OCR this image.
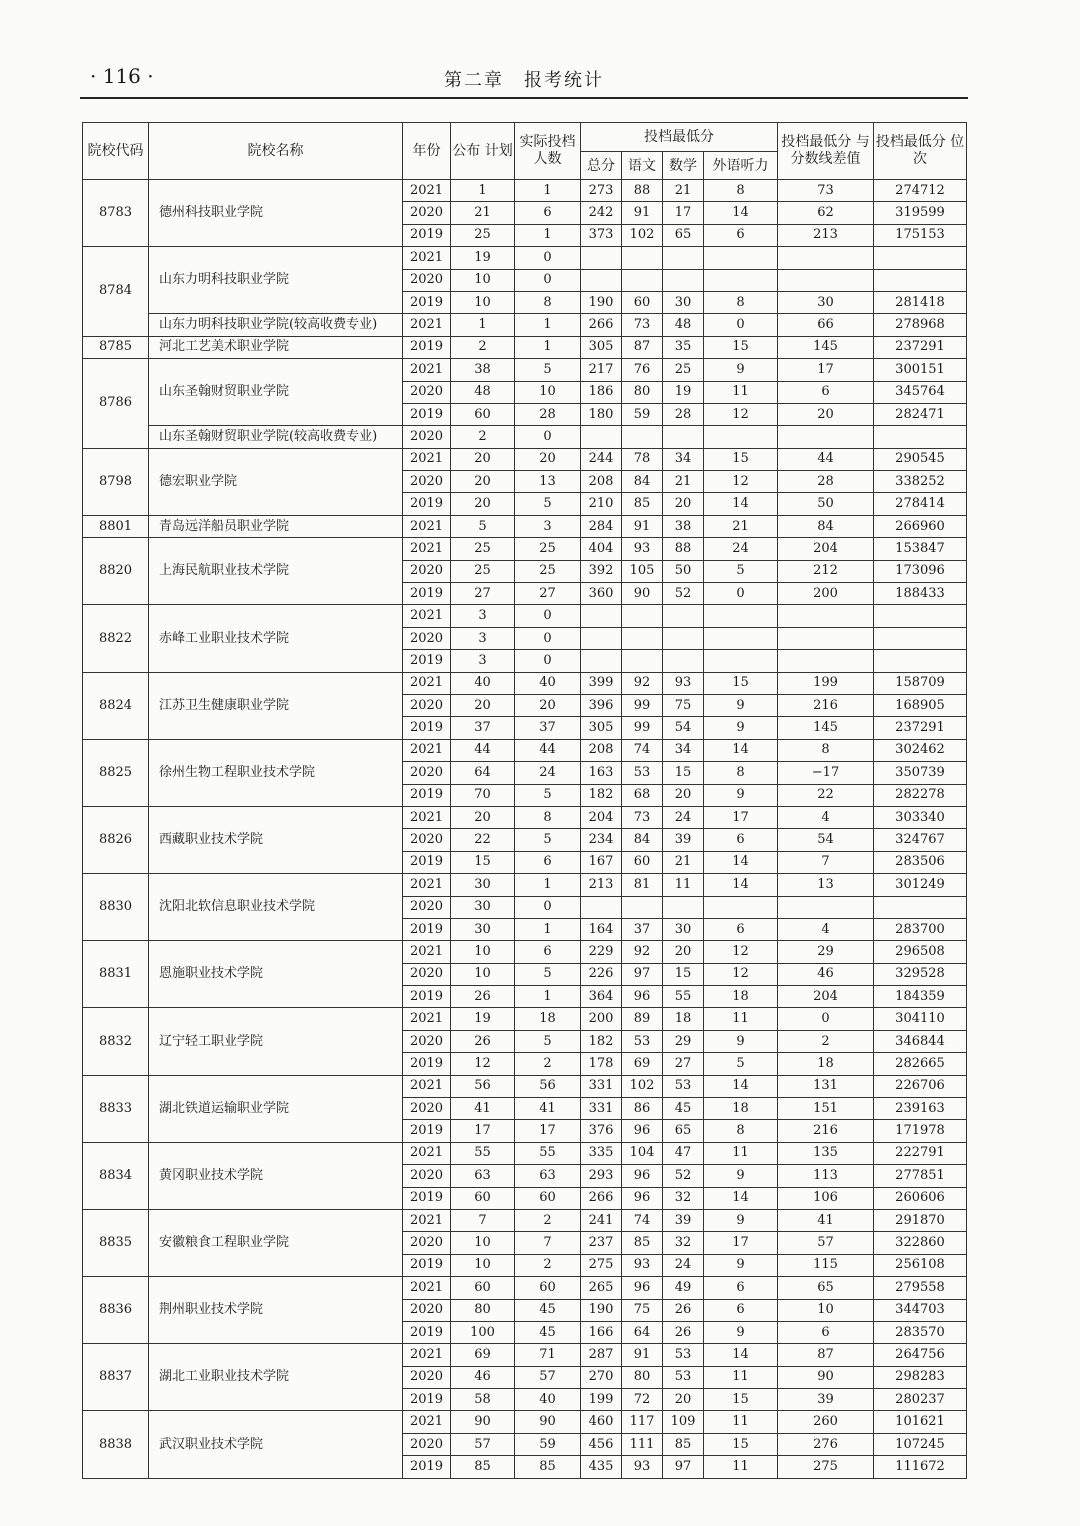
· 116 ·	第二章　报考统计
院校代码	院校名称	年份	公布 计划	实际投档 人数	投档最低分				投档最低分 与分数线差值	投档最低分 位次
					总分	语文	数学	外语听力		
8783	德州科技职业学院	2021	1	1	273	88	21	8	73	274712
		2020	21	6	242	91	17	14	62	319599
		2019	25	1	373	102	65	6	213	175153
8784	山东力明科技职业学院	2021	19	0						
		2020	10	0						
		2019	10	8	190	60	30	8	30	281418
	山东力明科技职业学院(较高收费专业)	2021	1	1	266	73	48	0	66	278968
8785	河北工艺美术职业学院	2019	2	1	305	87	35	15	145	237291
8786	山东圣翰财贸职业学院	2021	38	5	217	76	25	9	17	300151
		2020	48	10	186	80	19	11	6	345764
		2019	60	28	180	59	28	12	20	282471
	山东圣翰财贸职业学院(较高收费专业)	2020	2	0						
8798	德宏职业学院	2021	20	20	244	78	34	15	44	290545
		2020	20	13	208	84	21	12	28	338252
		2019	20	5	210	85	20	14	50	278414
8801	青岛远洋船员职业学院	2021	5	3	284	91	38	21	84	266960
8820	上海民航职业技术学院	2021	25	25	404	93	88	24	204	153847
		2020	25	25	392	105	50	5	212	173096
		2019	27	27	360	90	52	0	200	188433
8822	赤峰工业职业技术学院	2021	3	0						
		2020	3	0						
		2019	3	0						
8824	江苏卫生健康职业学院	2021	40	40	399	92	93	15	199	158709
		2020	20	20	396	99	75	9	216	168905
		2019	37	37	305	99	54	9	145	237291
8825	徐州生物工程职业技术学院	2021	44	44	208	74	34	14	8	302462
		2020	64	24	163	53	15	8	−17	350739
		2019	70	5	182	68	20	9	22	282278
8826	西藏职业技术学院	2021	20	8	204	73	24	17	4	303340
		2020	22	5	234	84	39	6	54	324767
		2019	15	6	167	60	21	14	7	283506
8830	沈阳北软信息职业技术学院	2021	30	1	213	81	11	14	13	301249
		2020	30	0						
		2019	30	1	164	37	30	6	4	283700
8831	恩施职业技术学院	2021	10	6	229	92	20	12	29	296508
		2020	10	5	226	97	15	12	46	329528
		2019	26	1	364	96	55	18	204	184359
8832	辽宁轻工职业学院	2021	19	18	200	89	18	11	0	304110
		2020	26	5	182	53	29	9	2	346844
		2019	12	2	178	69	27	5	18	282665
8833	湖北铁道运输职业学院	2021	56	56	331	102	53	14	131	226706
		2020	41	41	331	86	45	18	151	239163
		2019	17	17	376	96	65	8	216	171978
8834	黄冈职业技术学院	2021	55	55	335	104	47	11	135	222791
		2020	63	63	293	96	52	9	113	277851
		2019	60	60	266	96	32	14	106	260606
8835	安徽粮食工程职业学院	2021	7	2	241	74	39	9	41	291870
		2020	10	7	237	85	32	17	57	322860
		2019	10	2	275	93	24	9	115	256108
8836	荆州职业技术学院	2021	60	60	265	96	49	6	65	279558
		2020	80	45	190	75	26	6	10	344703
		2019	100	45	166	64	26	9	6	283570
8837	湖北工业职业技术学院	2021	69	71	287	91	53	14	87	264756
		2020	46	57	270	80	53	11	90	298283
		2019	58	40	199	72	20	15	39	280237
8838	武汉职业技术学院	2021	90	90	460	117	109	11	260	101621
		2020	57	59	456	111	85	15	276	107245
		2019	85	85	435	93	97	11	275	111672
